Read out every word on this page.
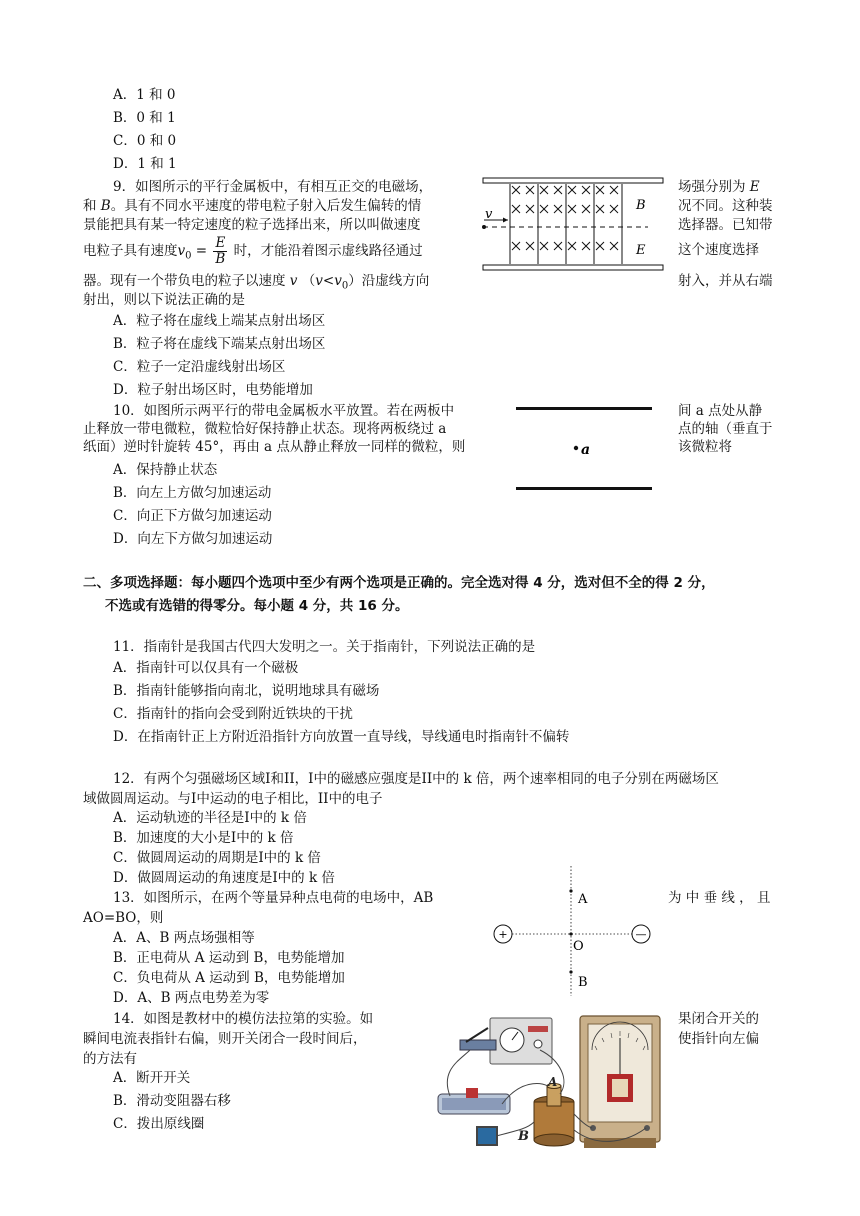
A．1 和 0
B．0 和 1
C．0 和 0
D．1 和 1
9．如图所示的平行金属板中，有相互正交的电磁场，	场强分别为 E
和 B。具有不同水平速度的带电粒子射入后发生偏转的情	况不同。这种装
景能把具有某一特定速度的粒子选择出来，所以叫做速度	选择器。已知带
电粒子具有速度$v_0 = \frac{E}{B}$ 时，才能沿着图示虚线路径通过	这个速度选择
器。现有一个带负电的粒子以速度 v $(v<v_0)$沿虚线方向	射入，并从右端
射出，则以下说法正确的是
A．粒子将在虚线上端某点射出场区
B．粒子将在虚线下端某点射出场区
C．粒子一定沿虚线射出场区
D．粒子射出场区时，电势能增加
v
B
E
10．如图所示两平行的带电金属板水平放置。若在两板中	间 a 点处从静
止释放一带电微粒，微粒恰好保持静止状态。现将两板绕过 a	点的轴（垂直于
纸面）逆时针旋转 45°，再由 a 点从静止释放一同样的微粒，则	该微粒将
A．保持静止状态
B．向左上方做匀加速运动
C．向正下方做匀加速运动
D．向左下方做匀加速运动
a
二、多项选择题：每小题四个选项中至少有两个选项是正确的。完全选对得 4 分，选对但不全的得 2 分，
不选或有选错的得零分。每小题 4 分，共 16 分。
11．指南针是我国古代四大发明之一。关于指南针，下列说法正确的是
A．指南针可以仅具有一个磁极
B．指南针能够指向南北，说明地球具有磁场
C．指南针的指向会受到附近铁块的干扰
D．在指南针正上方附近沿指针方向放置一直导线，导线通电时指南针不偏转
12．有两个匀强磁场区域I和II，I中的磁感应强度是II中的 k 倍，两个速率相同的电子分别在两磁场区
域做圆周运动。与I中运动的电子相比，II中的电子
A．运动轨迹的半径是I中的 k 倍
B．加速度的大小是I中的 k 倍
C．做圆周运动的周期是I中的 k 倍
D．做圆周运动的角速度是I中的 k 倍
13．如图所示，在两个等量异种点电荷的电场中，AB	为 中 垂 线 ， 且
AO=BO，则
A．A、B 两点场强相等
B．正电荷从 A 运动到 B，电势能增加
C．负电荷从 A 运动到 B，电势能增加
D．A、B 两点电势差为零
+	—
A
O
B
14．如图是教材中的模仿法拉第的实验。如	果闭合开关的
瞬间电流表指针右偏，则开关闭合一段时间后，	使指针向左偏
的方法有
A．断开开关
B．滑动变阻器右移
C．拨出原线圈
A
B
